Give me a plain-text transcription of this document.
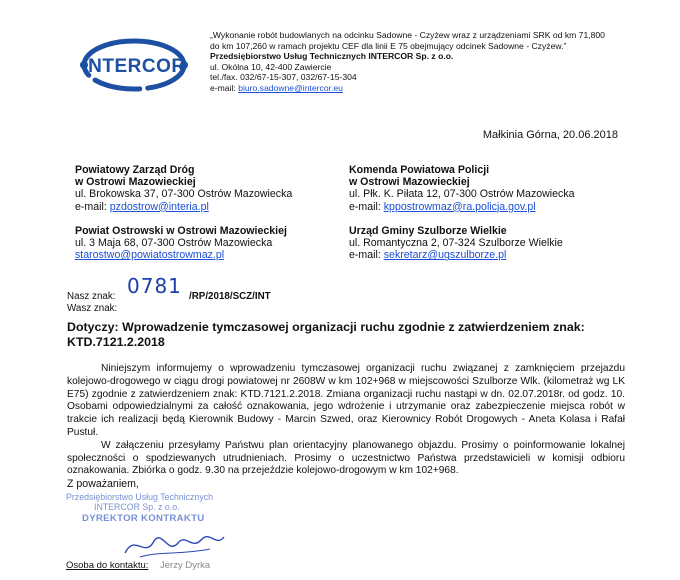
INTERCOR
„Wykonanie robót budowlanych na odcinku Sadowne - Czyżew wraz z urządzeniami SRK od km 71,800
do km 107,260 w ramach projektu CEF dla linii E 75 obejmujący odcinek Sadowne - Czyżew.”
Przedsiębiorstwo Usług Technicznych INTERCOR Sp. z o.o.
ul. Okólna 10, 42-400 Zawiercie
tel./fax. 032/67-15-307, 032/67-15-304
e-mail: biuro.sadowne@intercor.eu
Małkinia Górna, 20.06.2018
Powiatowy Zarząd Dróg
w Ostrowi Mazowieckiej
ul. Brokowska 37, 07-300 Ostrów Mazowiecka
e-mail: pzdostrow@interia.pl
Powiat Ostrowski w Ostrowi Mazowieckiej
ul. 3 Maja 68, 07-300 Ostrów Mazowiecka
starostwo@powiatostrowmaz.pl
Komenda Powiatowa Policji
w Ostrowi Mazowieckiej
ul. Płk. K. Piłata 12, 07-300 Ostrów Mazowiecka
e-mail: kppostrowmaz@ra.policja.gov.pl
Urząd Gminy Szulborze Wielkie
ul. Romantyczna 2, 07-324 Szulborze Wielkie
e-mail: sekretarz@ugszulborze.pl
Nasz znak:
Wasz znak:
0781 /RP/2018/SCZ/INT
Dotyczy: Wprowadzenie tymczasowej organizacji ruchu zgodnie z zatwierdzeniem znak: KTD.7121.2.2018

Niniejszym informujemy o wprowadzeniu tymczasowej organizacji ruchu związanej z zamknięciem przejazdu kolejowo-drogowego w ciągu drogi powiatowej nr 2608W w km 102+968 w miejscowości Szulborze Wlk. (kilometraż wg LK E75) zgodnie z zatwierdzeniem znak: KTD.7121.2.2018. Zmiana organizacji ruchu nastąpi w dn. 02.07.2018r. od godz. 10. Osobami odpowiedzialnymi za całość oznakowania, jego wdrożenie i utrzymanie oraz zabezpieczenie miejsca robót w trakcie ich realizacji będą Kierownik Budowy - Marcin Szwed, oraz Kierownicy Robót Drogowych - Aneta Kolasa i Rafał Pustuł.

W załączeniu przesyłamy Państwu plan orientacyjny planowanego objazdu. Prosimy o poinformowanie lokalnej społeczności o spodziewanych utrudnieniach. Prosimy o uczestnictwo Państwa przedstawicieli w komisji odbioru oznakowania. Zbiórka o godz. 9.30 na przejeździe kolejowo-drogowym w km 102+968.

Z poważaniem,
Przedsiębiorstwo Usług Technicznych
INTERCOR Sp. z o.o.
DYREKTOR KONTRAKTU
Osoba do kontaktu: Jerzy Dyrka
